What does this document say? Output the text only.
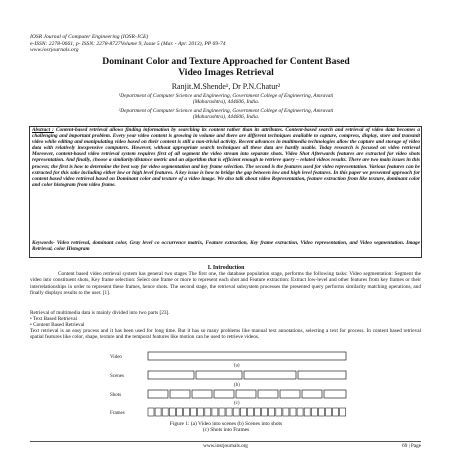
IOSR Journal of Computer Engineering (IOSR-JCE)
e-ISSN: 2278-0661, p- ISSN: 2278-8727Volume 9, Issue 5 (Mar. - Apr. 2013), PP 69-74
www.iosrjournals.org
Dominant Color and Texture Approached for Content Based
Video Images Retrieval
Ranjit.M.Shende¹, Dr P.N.Chatur²
¹Department of Computer Science and Engineering, Government College of Engineering, Amravati
(Maharashtra), 444606, India.
²Department of Computer Science and Engineering, Government College of Engineering, Amravati
(Maharashtra), 444606, India.
Abstract : Content-based retrieval allows finding information by searching its content rather than its attributes. Content-based search and retrieval of video data becomes a challenging and important problem. Every year video content is growing in volume and there are different techniques available to capture, compress, display, store and transmit video while editing and manipulating video based on their content is still a non-trivial activity. Recent advances in multimedia technologies allow the capture and storage of video data with relatively inexpensive computers. However, without appropriate search techniques all these data are hardly usable. Today research is focused on video retrieval Moreover, content-based video retrieval system requires first of all segment the video stream into separate shots. Video Shot Afterwards features are extracted for video shots representation. And finally, choose a similarity/distance metric and an algorithm that is efficient enough to retrieve query – related videos results. There are two main issues in this process; the first is how to determine the best way for video segmentation and key frame selection. The second is the features used for video representation. Various features can be extracted for this sake including either low or high level features. A key issue is how to bridge the gap between low and high level features. In this paper we presented approach for content based video retrieval based on Dominant color and texture of a video image. We also talk about video Representation, feature extraction from like texture, dominant color and color histogram from video frame.
Keywords- Video retrieval, dominant color, Gray level co occurrence matrix, Feature extraction, Key frame extraction, Video representation, and Video segmentation. Image Retrieval, color Histogram
I. Introduction
Content based video retrieval system has general two stages The first one, the database population stage, performs the following tasks: Video segmentation: Segment the video into constituent shots, Key frame selection: Select one frame or more to represent each shot and Feature extraction: Extract low-level and other features from key frames or their interrelationships in order to represent these frames, hence shots. The second stage, the retrieval subsystem processes the presented query performs similarity matching operations, and finally displays results to the user. [1].
Retrieval of multimedia data is mainly divided into two parts [23].
• Text Based Retrieval
• Content Based Retrieval
Text retrieval is an easy process and it has been used for long time. But it has so many problems like manual text annotations, selecting a text for process. In content based retrieval spatial features like color, shape, texture and the temporal features like motion can be used to retrieve videos.
Video
(a)
Scenes
(b)
Shots
(c)
Frames
Figure 1: (a) Video into scenes (b) Scenes into shots
(c) Shots into Frames
www.iosrjournals.org	69 | Page
